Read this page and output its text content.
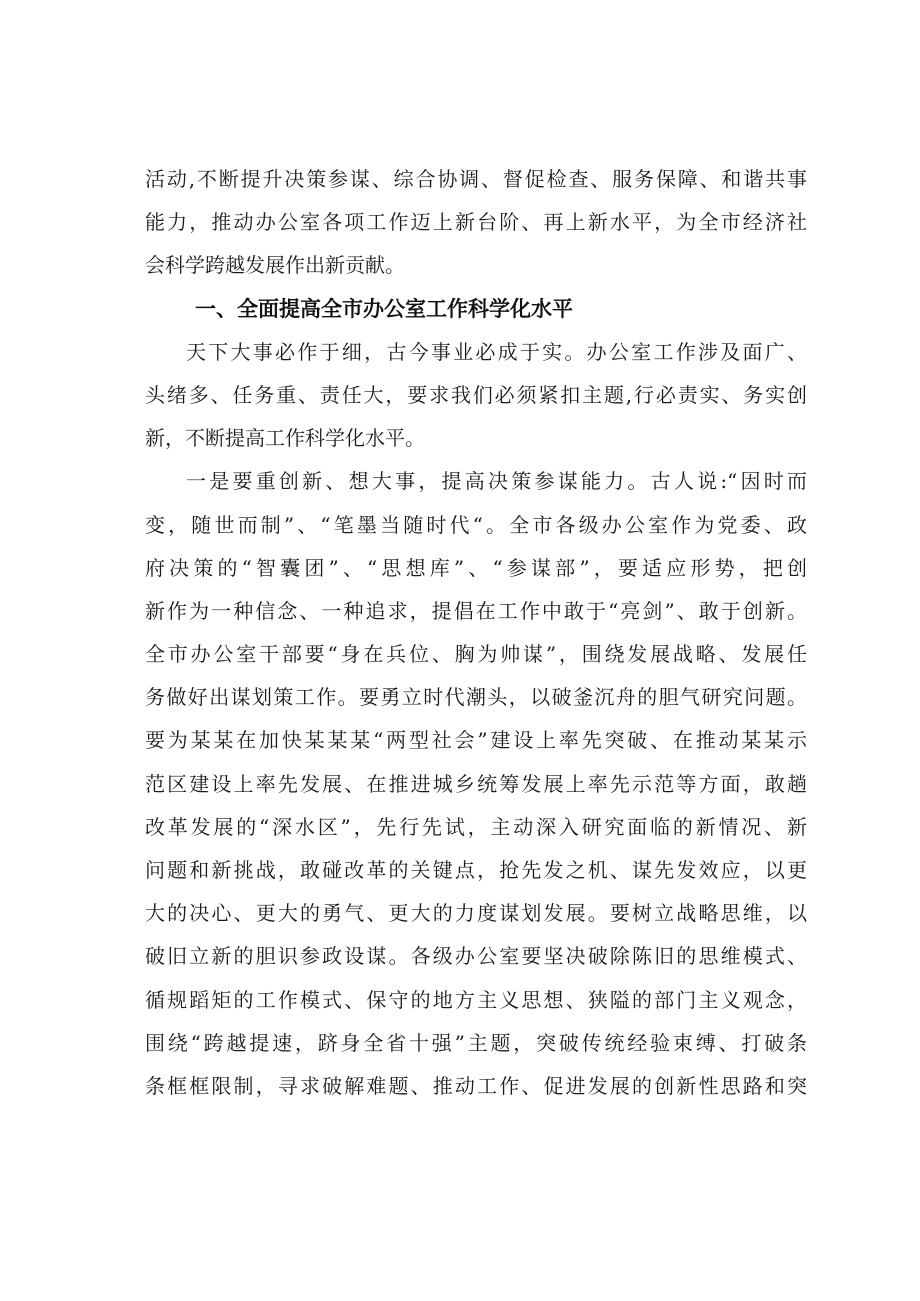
活动,不断提升决策参谋、综合协调、督促检查、服务保障、和谐共事
能力，推动办公室各项工作迈上新台阶、再上新水平，为全市经济社
会科学跨越发展作出新贡献。
一、全面提高全市办公室工作科学化水平
天下大事必作于细，古今事业必成于实。办公室工作涉及面广、
头绪多、任务重、责任大，要求我们必须紧扣主题,行必责实、务实创
新，不断提高工作科学化水平。
一是要重创新、想大事，提高决策参谋能力。古人说:“因时而
变，随世而制”、“笔墨当随时代“。全市各级办公室作为党委、政
府决策的“智囊团”、“思想库”、“参谋部”，要适应形势，把创
新作为一种信念、一种追求，提倡在工作中敢于“亮剑”、敢于创新。
全市办公室干部要“身在兵位、胸为帅谋”，围绕发展战略、发展任
务做好出谋划策工作。要勇立时代潮头，以破釜沉舟的胆气研究问题。
要为某某在加快某某某“两型社会”建设上率先突破、在推动某某示
范区建设上率先发展、在推进城乡统筹发展上率先示范等方面，敢趟
改革发展的“深水区”，先行先试，主动深入研究面临的新情况、新
问题和新挑战，敢碰改革的关键点，抢先发之机、谋先发效应，以更
大的决心、更大的勇气、更大的力度谋划发展。要树立战略思维，以
破旧立新的胆识参政设谋。各级办公室要坚决破除陈旧的思维模式、
循规蹈矩的工作模式、保守的地方主义思想、狭隘的部门主义观念，
围绕“跨越提速，跻身全省十强”主题，突破传统经验束缚、打破条
条框框限制，寻求破解难题、推动工作、促进发展的创新性思路和突
